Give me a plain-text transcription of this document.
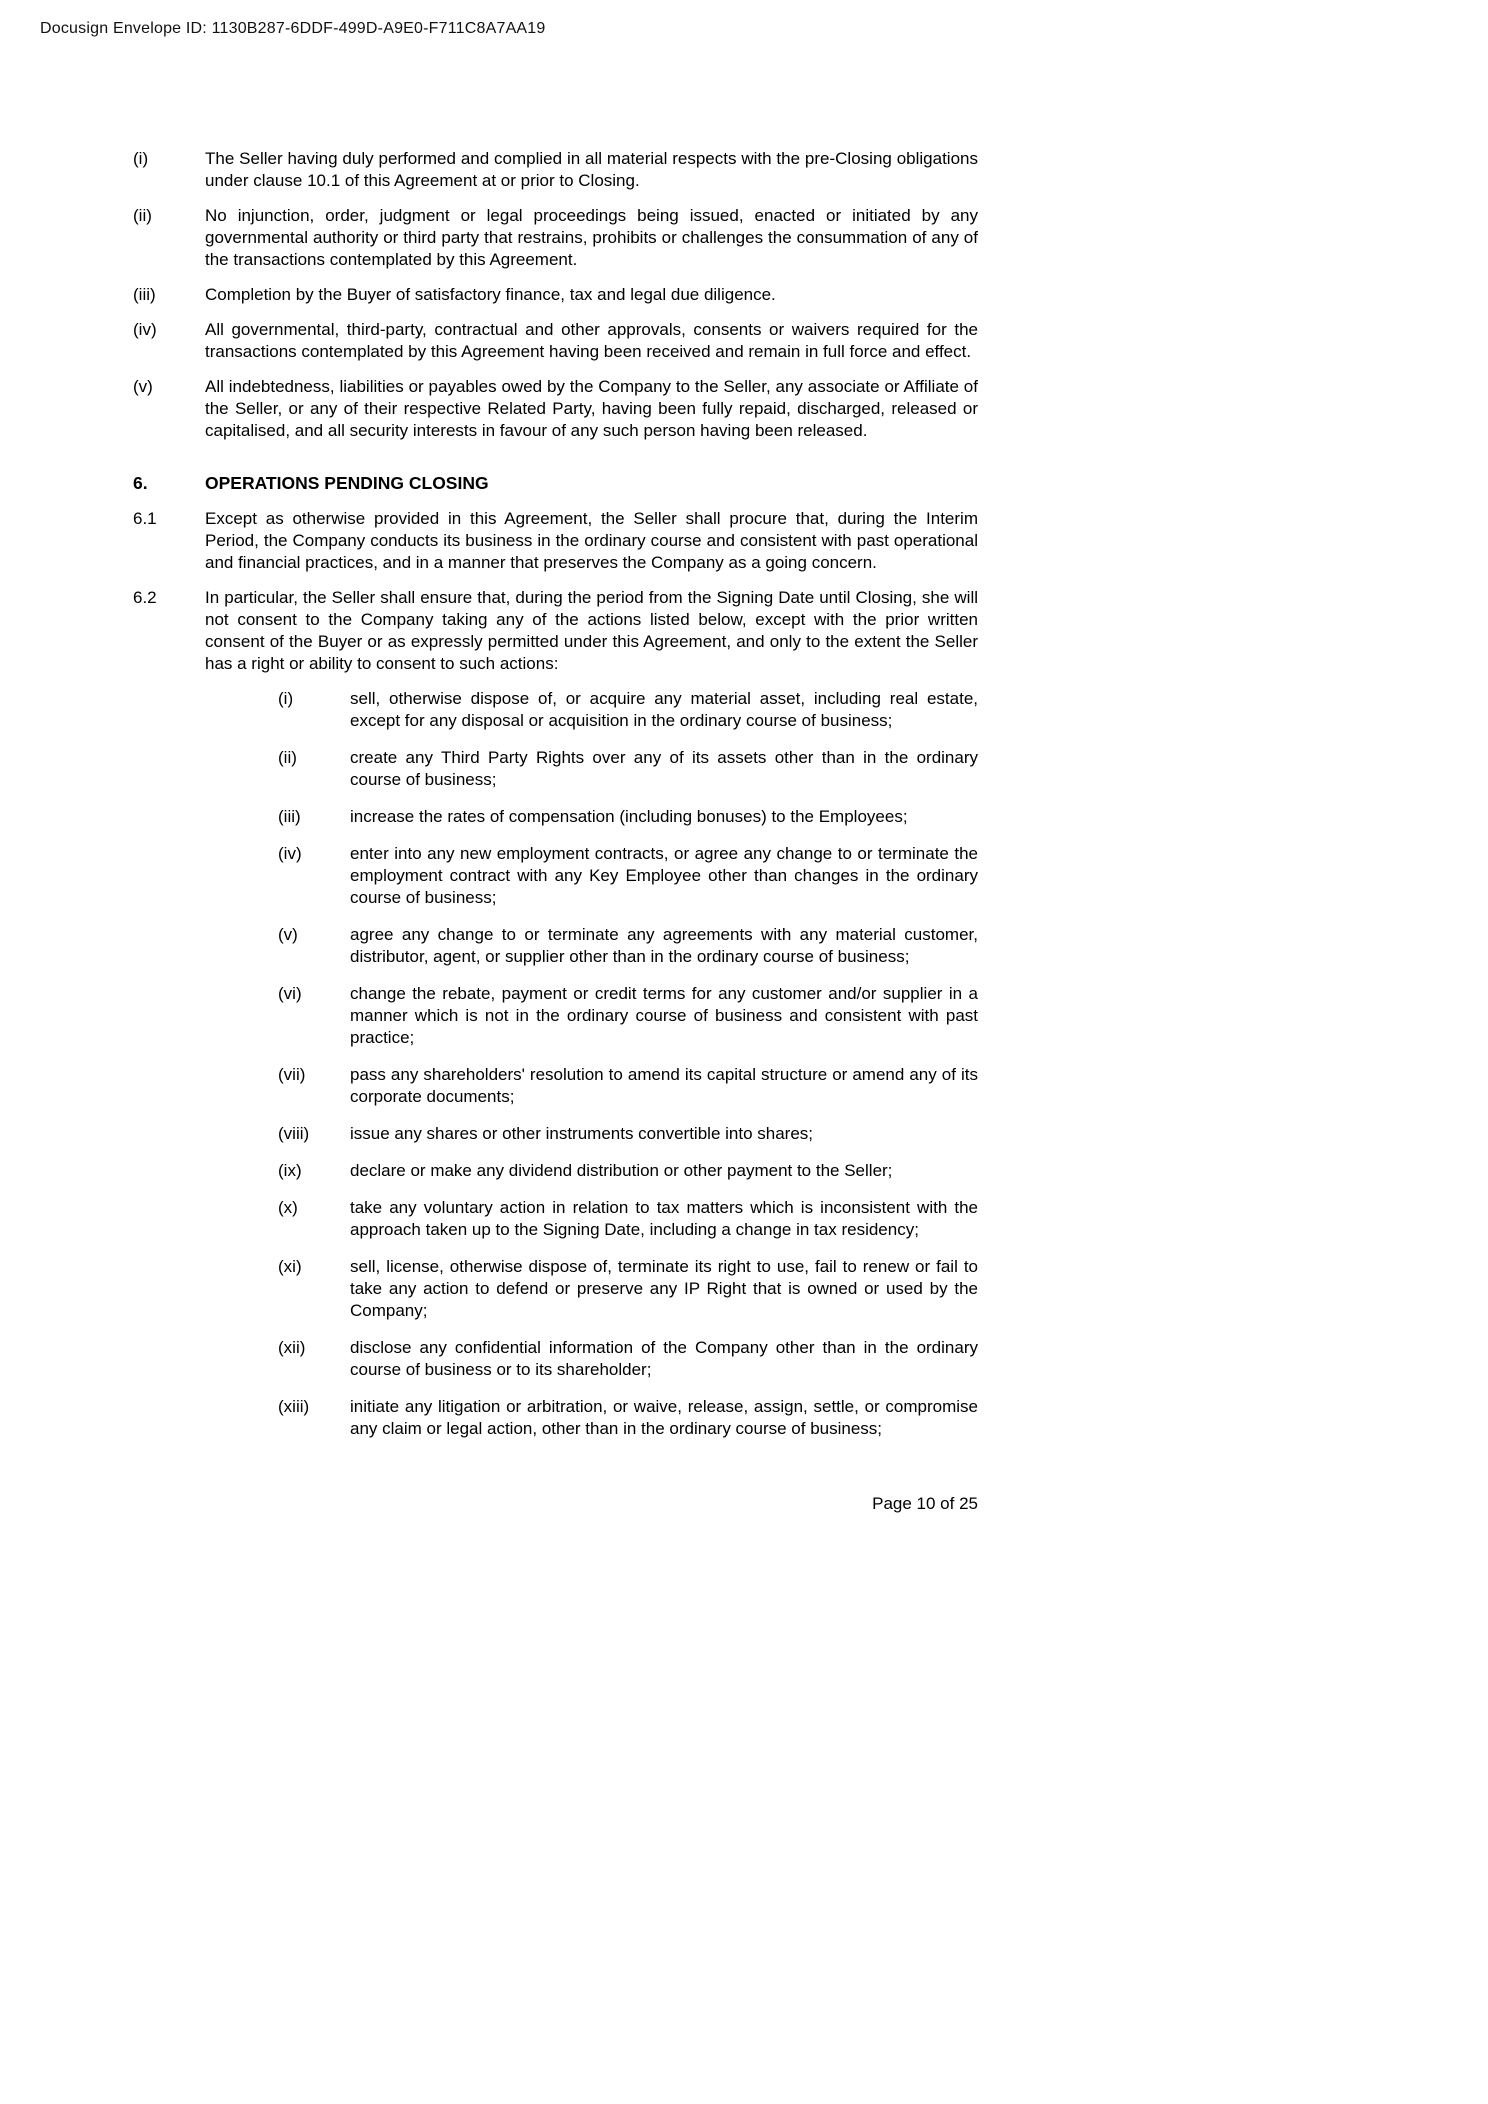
Docusign Envelope ID: 1130B287-6DDF-499D-A9E0-F711C8A7AA19
(i)	The Seller having duly performed and complied in all material respects with the pre-Closing obligations under clause 10.1 of this Agreement at or prior to Closing.
(ii)	No injunction, order, judgment or legal proceedings being issued, enacted or initiated by any governmental authority or third party that restrains, prohibits or challenges the consummation of any of the transactions contemplated by this Agreement.
(iii)	Completion by the Buyer of satisfactory finance, tax and legal due diligence.
(iv)	All governmental, third-party, contractual and other approvals, consents or waivers required for the transactions contemplated by this Agreement having been received and remain in full force and effect.
(v)	All indebtedness, liabilities or payables owed by the Company to the Seller, any associate or Affiliate of the Seller, or any of their respective Related Party, having been fully repaid, discharged, released or capitalised, and all security interests in favour of any such person having been released.
6.	OPERATIONS PENDING CLOSING
6.1	Except as otherwise provided in this Agreement, the Seller shall procure that, during the Interim Period, the Company conducts its business in the ordinary course and consistent with past operational and financial practices, and in a manner that preserves the Company as a going concern.
6.2	In particular, the Seller shall ensure that, during the period from the Signing Date until Closing, she will not consent to the Company taking any of the actions listed below, except with the prior written consent of the Buyer or as expressly permitted under this Agreement, and only to the extent the Seller has a right or ability to consent to such actions:
(i)	sell, otherwise dispose of, or acquire any material asset, including real estate, except for any disposal or acquisition in the ordinary course of business;
(ii)	create any Third Party Rights over any of its assets other than in the ordinary course of business;
(iii)	increase the rates of compensation (including bonuses) to the Employees;
(iv)	enter into any new employment contracts, or agree any change to or terminate the employment contract with any Key Employee other than changes in the ordinary course of business;
(v)	agree any change to or terminate any agreements with any material customer, distributor, agent, or supplier other than in the ordinary course of business;
(vi)	change the rebate, payment or credit terms for any customer and/or supplier in a manner which is not in the ordinary course of business and consistent with past practice;
(vii)	pass any shareholders' resolution to amend its capital structure or amend any of its corporate documents;
(viii)	issue any shares or other instruments convertible into shares;
(ix)	declare or make any dividend distribution or other payment to the Seller;
(x)	take any voluntary action in relation to tax matters which is inconsistent with the approach taken up to the Signing Date, including a change in tax residency;
(xi)	sell, license, otherwise dispose of, terminate its right to use, fail to renew or fail to take any action to defend or preserve any IP Right that is owned or used by the Company;
(xii)	disclose any confidential information of the Company other than in the ordinary course of business or to its shareholder;
(xiii)	initiate any litigation or arbitration, or waive, release, assign, settle, or compromise any claim or legal action, other than in the ordinary course of business;
Page 10 of 25
